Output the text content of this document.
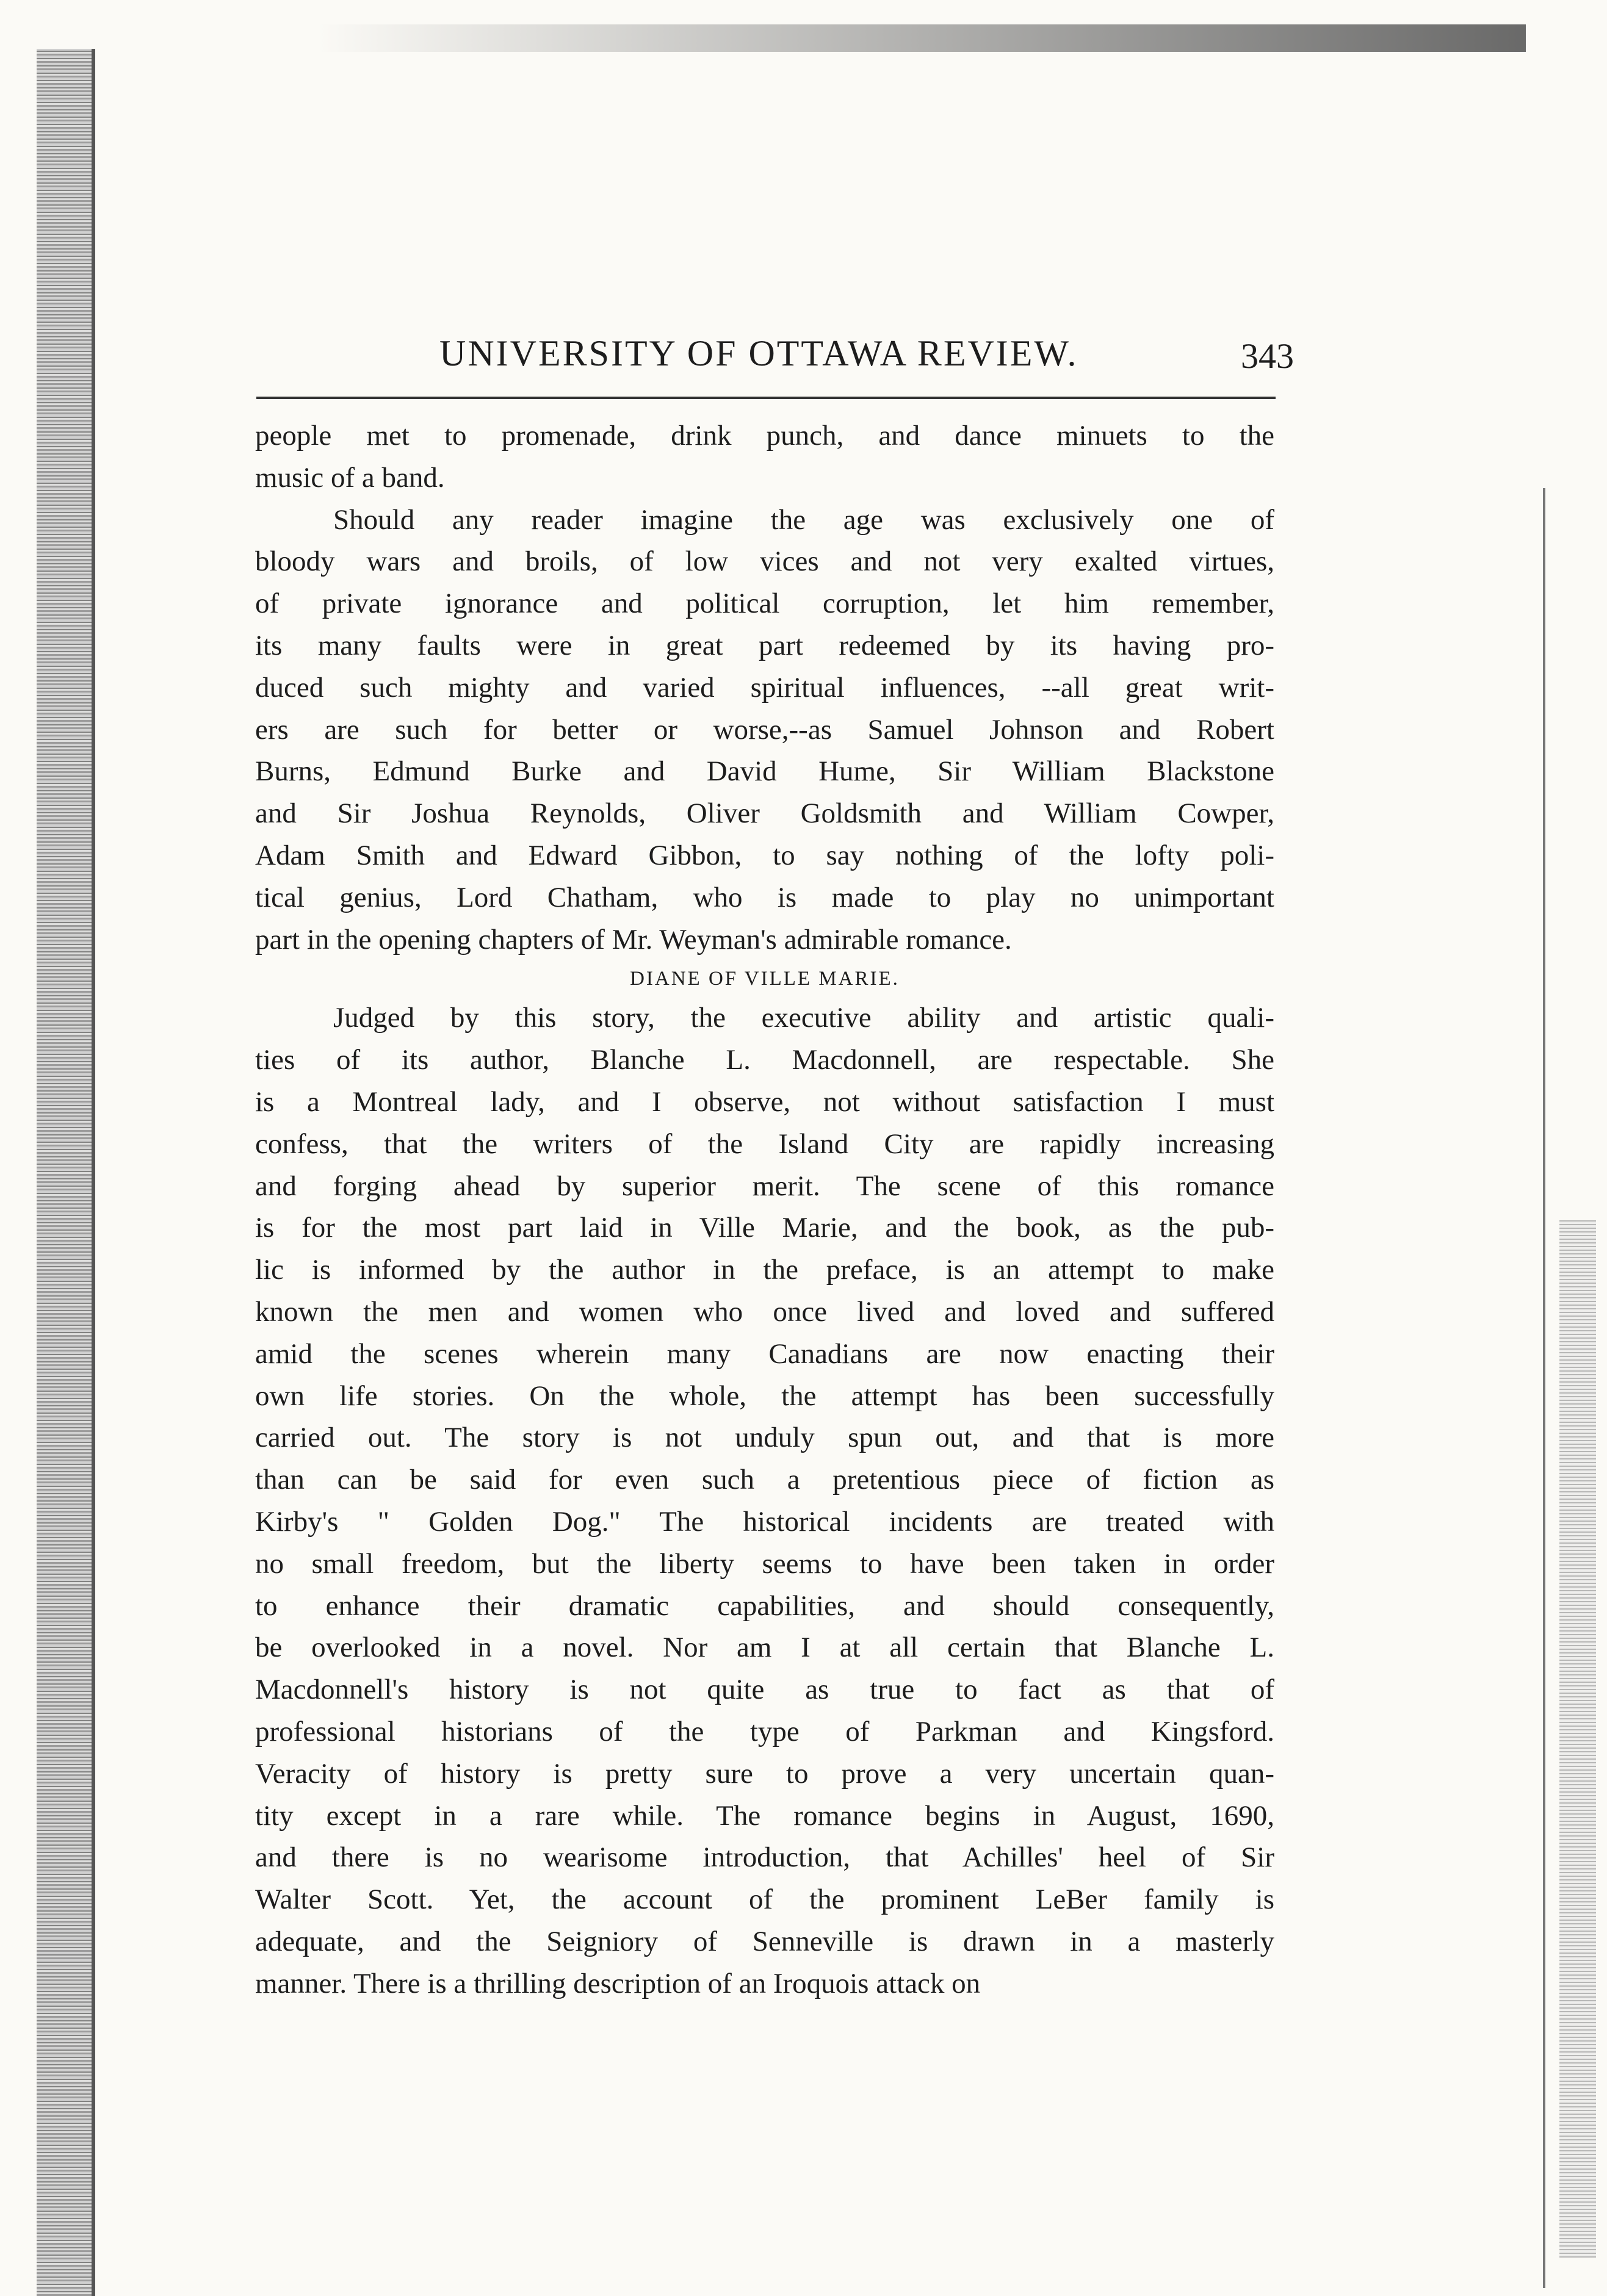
UNIVERSITY OF OTTAWA REVIEW.	343

people met to promenade, drink punch, and dance minuets to the
music of a band.

Should any reader imagine the age was exclusively one of
bloody wars and broils, of low vices and not very exalted virtues,
of private ignorance and political corruption, let him remember,
its many faults were in great part redeemed by its having pro-
duced such mighty and varied spiritual influences, --all great writ-
ers are such for better or worse,--as Samuel Johnson and Robert
Burns, Edmund Burke and David Hume, Sir William Blackstone
and Sir Joshua Reynolds, Oliver Goldsmith and William Cowper,
Adam Smith and Edward Gibbon, to say nothing of the lofty poli-
tical genius, Lord Chatham, who is made to play no unimportant
part in the opening chapters of Mr. Weyman's admirable romance.

DIANE OF VILLE MARIE.

Judged by this story, the executive ability and artistic quali-
ties of its author, Blanche L. Macdonnell, are respectable. She
is a Montreal lady, and I observe, not without satisfaction I must
confess, that the writers of the Island City are rapidly increasing
and forging ahead by superior merit. The scene of this romance
is for the most part laid in Ville Marie, and the book, as the pub-
lic is informed by the author in the preface, is an attempt to make
known the men and women who once lived and loved and suffered
amid the scenes wherein many Canadians are now enacting their
own life stories. On the whole, the attempt has been successfully
carried out. The story is not unduly spun out, and that is more
than can be said for even such a pretentious piece of fiction as
Kirby's " Golden Dog." The historical incidents are treated with
no small freedom, but the liberty seems to have been taken in order
to enhance their dramatic capabilities, and should consequently,
be overlooked in a novel. Nor am I at all certain that Blanche L.
Macdonnell's history is not quite as true to fact as that of
professional historians of the type of Parkman and Kingsford.
Veracity of history is pretty sure to prove a very uncertain quan-
tity except in a rare while. The romance begins in August, 1690,
and there is no wearisome introduction, that Achilles' heel of Sir
Walter Scott. Yet, the account of the prominent LeBer family is
adequate, and the Seigniory of Senneville is drawn in a masterly
manner. There is a thrilling description of an Iroquois attack on
